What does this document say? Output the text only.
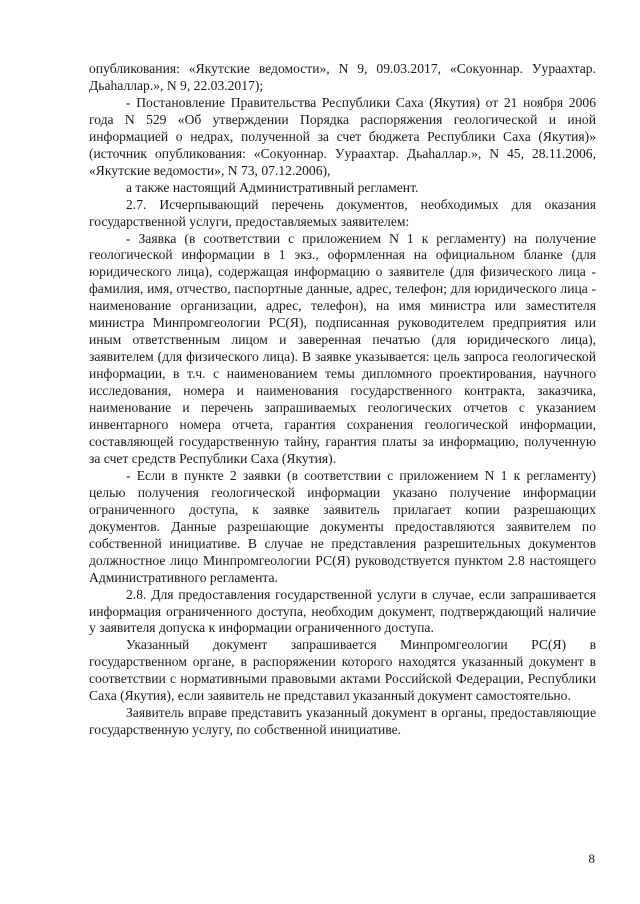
опубликования: «Якутские ведомости», N 9, 09.03.2017, «Сокуоннар. Уураахтар. Дьаһаллар.», N 9, 22.03.2017);

- Постановление Правительства Республики Саха (Якутия) от 21 ноября 2006 года N 529 «Об утверждении Порядка распоряжения геологической и иной информацией о недрах, полученной за счет бюджета Республики Саха (Якутия)» (источник опубликования: «Сокуоннар. Уураахтар. Дьаһаллар.», N 45, 28.11.2006, «Якутские ведомости», N 73, 07.12.2006),

а также настоящий Административный регламент.

2.7. Исчерпывающий перечень документов, необходимых для оказания государственной услуги, предоставляемых заявителем:

- Заявка (в соответствии с приложением N 1 к регламенту) на получение геологической информации в 1 экз., оформленная на официальном бланке (для юридического лица), содержащая информацию о заявителе (для физического лица - фамилия, имя, отчество, паспортные данные, адрес, телефон; для юридического лица - наименование организации, адрес, телефон), на имя министра или заместителя министра Минпромгеологии РС(Я), подписанная руководителем предприятия или иным ответственным лицом и заверенная печатью (для юридического лица), заявителем (для физического лица). В заявке указывается: цель запроса геологической информации, в т.ч. с наименованием темы дипломного проектирования, научного исследования, номера и наименования государственного контракта, заказчика, наименование и перечень запрашиваемых геологических отчетов с указанием инвентарного номера отчета, гарантия сохранения геологической информации, составляющей государственную тайну, гарантия платы за информацию, полученную за счет средств Республики Саха (Якутия).

- Если в пункте 2 заявки (в соответствии с приложением N 1 к регламенту) целью получения геологической информации указано получение информации ограниченного доступа, к заявке заявитель прилагает копии разрешающих документов. Данные разрешающие документы предоставляются заявителем по собственной инициативе. В случае не представления разрешительных документов должностное лицо Минпромгеологии РС(Я) руководствуется пунктом 2.8 настоящего Административного регламента.

2.8. Для предоставления государственной услуги в случае, если запрашивается информация ограниченного доступа, необходим документ, подтверждающий наличие у заявителя допуска к информации ограниченного доступа.

Указанный документ запрашивается Минпромгеологии РС(Я) в государственном органе, в распоряжении которого находятся указанный документ в соответствии с нормативными правовыми актами Российской Федерации, Республики Саха (Якутия), если заявитель не представил указанный документ самостоятельно.

Заявитель вправе представить указанный документ в органы, предоставляющие государственную услугу, по собственной инициативе.

8
